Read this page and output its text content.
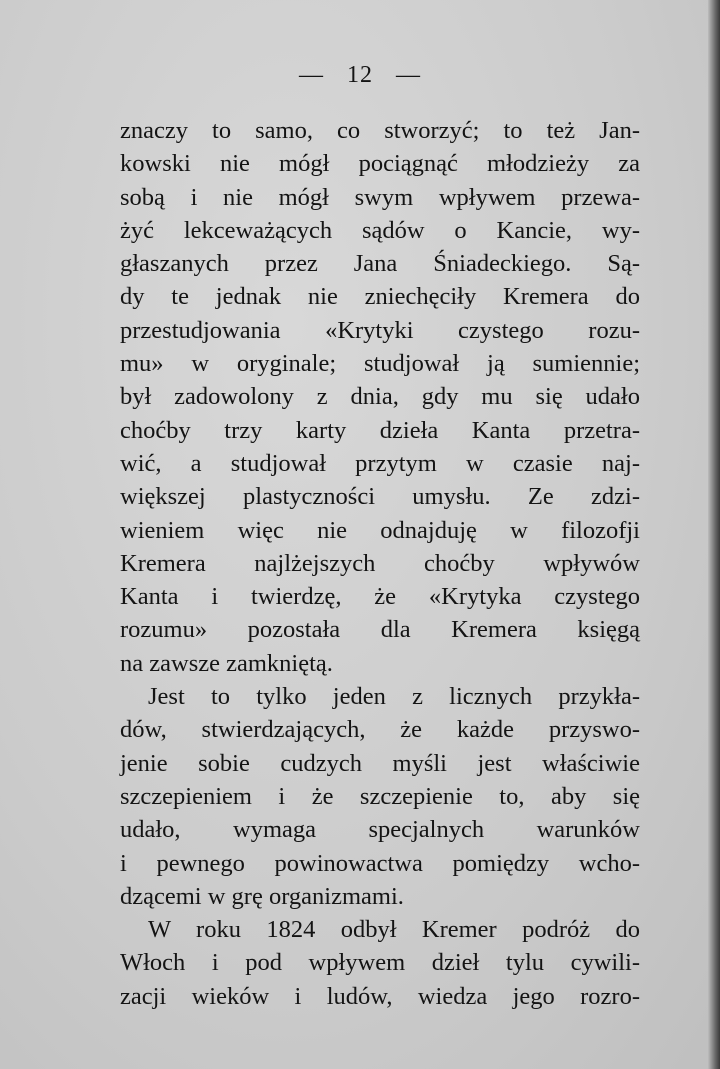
— 12 —
znaczy to samo, co stworzyć; to też Jan-
kowski nie mógł pociągnąć młodzieży za
sobą i nie mógł swym wpływem przewa-
żyć lekceważących sądów o Kancie, wy-
głaszanych przez Jana Śniadeckiego. Są-
dy te jednak nie zniechęciły Kremera do
przestudjowania «Krytyki czystego rozu-
mu» w oryginale; studjował ją sumiennie;
był zadowolony z dnia, gdy mu się udało
choćby trzy karty dzieła Kanta przetra-
wić, a studjował przytym w czasie naj-
większej plastyczności umysłu. Ze zdzi-
wieniem więc nie odnajduję w filozofji
Kremera najlżejszych choćby wpływów
Kanta i twierdzę, że «Krytyka czystego
rozumu» pozostała dla Kremera księgą
na zawsze zamkniętą.
Jest to tylko jeden z licznych przykła-
dów, stwierdzających, że każde przyswo-
jenie sobie cudzych myśli jest właściwie
szczepieniem i że szczepienie to, aby się
udało, wymaga specjalnych warunków
i pewnego powinowactwa pomiędzy wcho-
dzącemi w grę organizmami.
W roku 1824 odbył Kremer podróż do
Włoch i pod wpływem dzieł tylu cywili-
zacji wieków i ludów, wiedza jego rozro-
